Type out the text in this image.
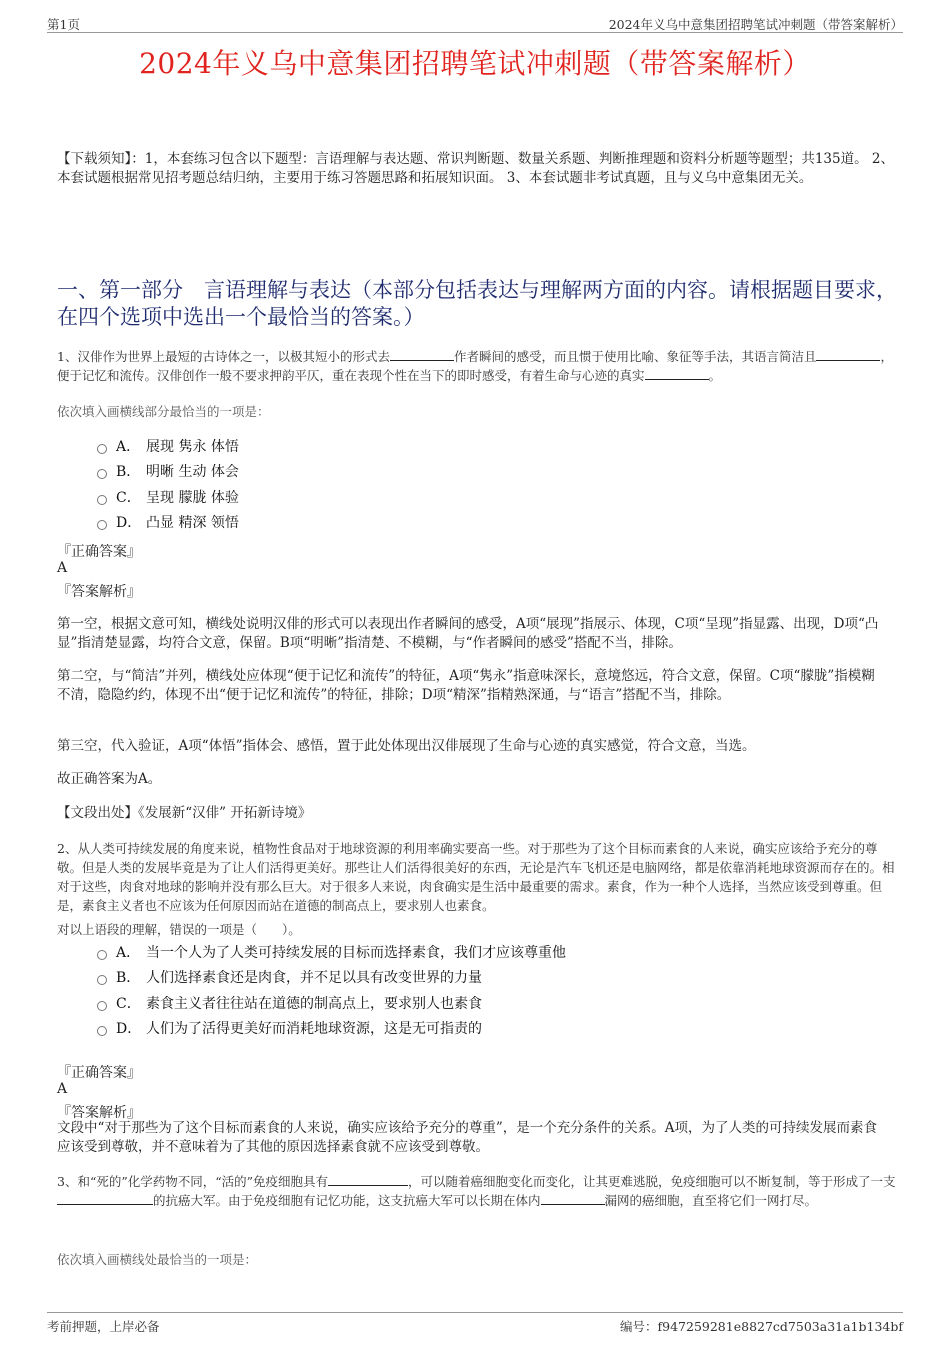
第1页	2024年义乌中意集团招聘笔试冲刺题（带答案解析）
2024年义乌中意集团招聘笔试冲刺题（带答案解析）
【下载须知】：1，本套练习包含以下题型：言语理解与表达题、常识判断题、数量关系题、判断推理题和资料分析题等题型；共135道。 2、本套试题根据常见招考题总结归纳，主要用于练习答题思路和拓展知识面。 3、本套试题非考试真题，且与义乌中意集团无关。
一、第一部分　言语理解与表达（本部分包括表达与理解两方面的内容。请根据题目要求，在四个选项中选出一个最恰当的答案。）
1、汉俳作为世界上最短的古诗体之一，以极其短小的形式去	作者瞬间的感受，而且惯于使用比喻、象征等手法，其语言简洁且	，便于记忆和流传。汉俳创作一般不要求押韵平仄，重在表现个性在当下的即时感受，有着生命与心迹的真实	。
依次填入画横线部分最恰当的一项是：
A． 展现 隽永 体悟
B． 明晰 生动 体会
C． 呈现 朦胧 体验
D． 凸显 精深 领悟
『正确答案』
A
『答案解析』
第一空，根据文意可知，横线处说明汉俳的形式可以表现出作者瞬间的感受，A项“展现”指展示、体现，C项“呈现”指显露、出现，D项“凸显”指清楚显露，均符合文意，保留。B项“明晰”指清楚、不模糊，与“作者瞬间的感受”搭配不当，排除。
第二空，与“简洁”并列，横线处应体现“便于记忆和流传”的特征，A项“隽永”指意味深长，意境悠远，符合文意，保留。C项“朦胧”指模糊不清，隐隐约约，体现不出“便于记忆和流传”的特征，排除；D项“精深”指精熟深通，与“语言”搭配不当，排除。
第三空，代入验证，A项“体悟”指体会、感悟，置于此处体现出汉俳展现了生命与心迹的真实感觉，符合文意，当选。
故正确答案为A。
【文段出处】《发展新“汉俳” 开拓新诗境》
2、从人类可持续发展的角度来说，植物性食品对于地球资源的利用率确实要高一些。对于那些为了这个目标而素食的人来说，确实应该给予充分的尊敬。但是人类的发展毕竟是为了让人们活得更美好。那些让人们活得很美好的东西，无论是汽车飞机还是电脑网络，都是依靠消耗地球资源而存在的。相对于这些，肉食对地球的影响并没有那么巨大。对于很多人来说，肉食确实是生活中最重要的需求。素食，作为一种个人选择，当然应该受到尊重。但是，素食主义者也不应该为任何原因而站在道德的制高点上，要求别人也素食。
对以上语段的理解，错误的一项是（　　）。
A． 当一个人为了人类可持续发展的目标而选择素食，我们才应该尊重他
B． 人们选择素食还是肉食，并不足以具有改变世界的力量
C． 素食主义者往往站在道德的制高点上，要求别人也素食
D． 人们为了活得更美好而消耗地球资源，这是无可指责的
『正确答案』
A
『答案解析』
文段中“对于那些为了这个目标而素食的人来说，确实应该给予充分的尊重”，是一个充分条件的关系。A项，为了人类的可持续发展而素食应该受到尊敬，并不意味着为了其他的原因选择素食就不应该受到尊敬。
3、和“死的”化学药物不同，“活的”免疫细胞具有	，可以随着癌细胞变化而变化，让其更难逃脱，免疫细胞可以不断复制，等于形成了一支的抗癌大军。由于免疫细胞有记忆功能，这支抗癌大军可以长期在体内	漏网的癌细胞，直至将它们一网打尽。
依次填入画横线处最恰当的一项是：
考前押题，上岸必备	编号：f947259281e8827cd7503a31a1b134bf
